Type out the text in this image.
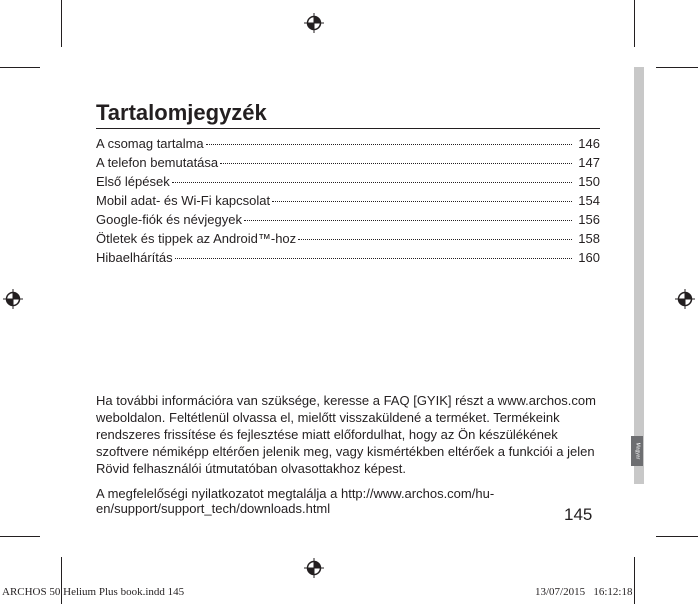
Magyar
Tartalomjegyzék
A csomag tartalma	146
A telefon bemutatása	147
Első lépések	150
Mobil adat- és Wi-Fi kapcsolat	154
Google-fiók és névjegyek	156
Ötletek és tippek az Android™-hoz	158
Hibaelhárítás	160

Ha további információra van szüksége, keresse a FAQ [GYIK] részt a www.archos.com weboldalon. Feltétlenül olvassa el, mielőtt visszaküldené a terméket. Termékeink rendszeres frissítése és fejlesztése miatt előfordulhat, hogy az Ön készülékének szoftvere némiképp eltérően jelenik meg, vagy kismértékben eltérőek a funkciói a jelen Rövid felhasználói útmutatóban olvasottakhoz képest.

A megfelelőségi nyilatkozatot megtalálja a http://www.archos.com/hu-en/support/support_tech/downloads.html	145
ARCHOS 50 Helium Plus book.indd 145	13/07/2015   16:12:18
